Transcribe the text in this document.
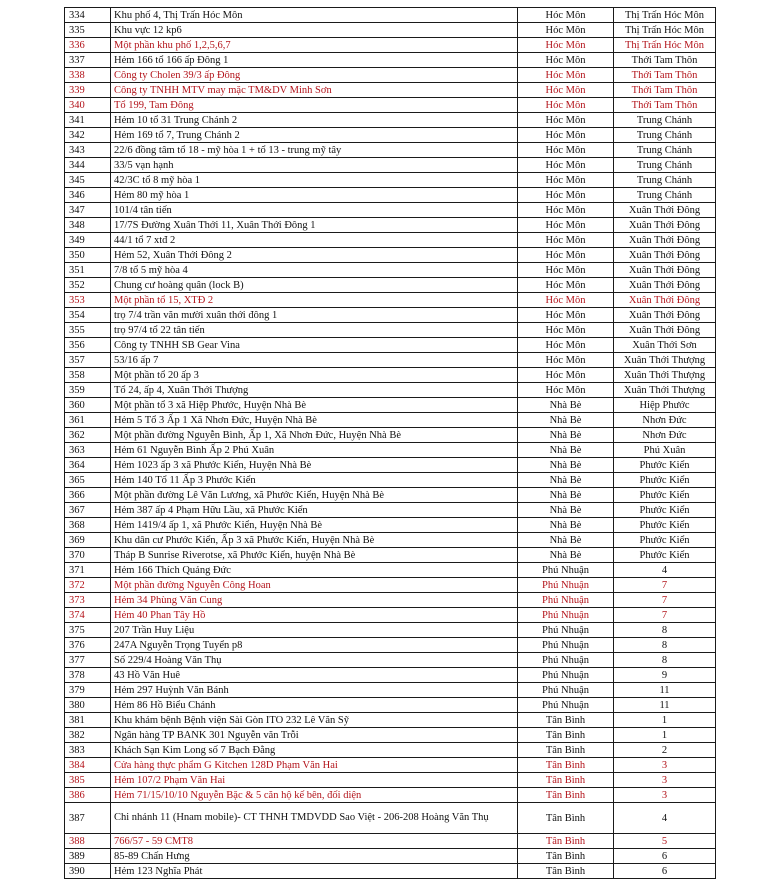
334	Khu phố 4, Thị Trấn Hóc Môn	Hóc Môn	Thị Trấn Hóc Môn
335	Khu vực 12 kp6	Hóc Môn	Thị Trấn Hóc Môn
336	Một phần khu phố 1,2,5,6,7	Hóc Môn	Thị Trấn Hóc Môn
337	Hẻm 166 tổ 166 ấp Đông 1	Hóc Môn	Thới Tam Thôn
338	Công ty Cholen 39/3 ấp Đông	Hóc Môn	Thới Tam Thôn
339	Công ty TNHH MTV may mặc TM&DV Minh Sơn	Hóc Môn	Thới Tam Thôn
340	Tổ 199, Tam Đông	Hóc Môn	Thới Tam Thôn
341	Hẻm 10 tổ 31 Trung Chánh 2	Hóc Môn	Trung Chánh
342	Hẻm 169 tổ 7, Trung Chánh 2	Hóc Môn	Trung Chánh
343	22/6 đồng tâm tổ 18 - mỹ hòa 1 + tổ 13 - trung mỹ tây	Hóc Môn	Trung Chánh
344	33/5 vạn hạnh	Hóc Môn	Trung Chánh
345	42/3C tổ 8 mỹ hòa 1	Hóc Môn	Trung Chánh
346	Hẻm 80 mỹ hòa 1	Hóc Môn	Trung Chánh
347	101/4 tân tiến	Hóc Môn	Xuân Thới Đông
348	17/7S Đường Xuân Thới 11, Xuân Thới Đông 1	Hóc Môn	Xuân Thới Đông
349	44/1 tổ 7 xtđ 2	Hóc Môn	Xuân Thới Đông
350	Hẻm 52, Xuân Thới Đông 2	Hóc Môn	Xuân Thới Đông
351	7/8 tổ 5 mỹ hòa 4	Hóc Môn	Xuân Thới Đông
352	Chung cư hoàng quân (lock B)	Hóc Môn	Xuân Thới Đông
353	Một phần tổ 15, XTĐ 2	Hóc Môn	Xuân Thới Đông
354	trọ 7/4 trần văn mười xuân thới đông 1	Hóc Môn	Xuân Thới Đông
355	trọ 97/4 tổ 22 tân tiến	Hóc Môn	Xuân Thới Đông
356	Công ty TNHH SB Gear Vina	Hóc Môn	Xuân Thới Sơn
357	53/16 ấp 7	Hóc Môn	Xuân Thới Thượng
358	Một phần tổ 20 ấp 3	Hóc Môn	Xuân Thới Thượng
359	Tổ 24, ấp 4, Xuân Thới Thượng	Hóc Môn	Xuân Thới Thượng
360	Một phần tổ 3 xã Hiệp Phước, Huyện Nhà Bè	Nhà Bè	Hiệp Phước
361	Hẻm 5 Tổ 3 Ấp 1 Xã Nhơn Đức, Huyện Nhà Bè	Nhà Bè	Nhơn Đức
362	Một phần đường Nguyễn Bình, Ấp 1, Xã Nhơn Đức, Huyện Nhà Bè	Nhà Bè	Nhơn Đức
363	Hẻm 61 Nguyễn Bình Ấp 2 Phú Xuân	Nhà Bè	Phú Xuân
364	Hẻm 1023 ấp 3 xã Phước Kiển, Huyện Nhà Bè	Nhà Bè	Phước Kiển
365	Hẻm 140 Tổ 11 Ấp 3 Phước Kiển	Nhà Bè	Phước Kiển
366	Một phần đường Lê Văn Lương, xã Phước Kiển, Huyện Nhà Bè	Nhà Bè	Phước Kiển
367	Hẻm 387 ấp 4 Phạm Hữu Lầu, xã Phước Kiển	Nhà Bè	Phước Kiển
368	Hẻm 1419/4 ấp 1, xã Phước Kiển, Huyện Nhà Bè	Nhà Bè	Phước Kiển
369	Khu dân cư Phước Kiển, Ấp 3 xã Phước Kiển, Huyện Nhà Bè	Nhà Bè	Phước Kiển
370	Tháp B Sunrise Riverotse, xã Phước Kiển, huyện Nhà Bè	Nhà Bè	Phước Kiển
371	Hẻm 166 Thích Quảng Đức	Phú Nhuận	4
372	Một phần đường Nguyễn Công Hoan	Phú Nhuận	7
373	Hẻm 34 Phùng Văn Cung	Phú Nhuận	7
374	Hẻm 40 Phan Tây Hồ	Phú Nhuận	7
375	207 Trần Huy Liệu	Phú Nhuận	8
376	247A Nguyễn Trọng Tuyển p8	Phú Nhuận	8
377	Số 229/4 Hoàng Văn Thụ	Phú Nhuận	8
378	43 Hồ Văn Huê	Phú Nhuận	9
379	Hẻm 297 Huỳnh Văn Bánh	Phú Nhuận	11
380	Hẻm 86 Hồ Biểu Chánh	Phú Nhuận	11
381	Khu khám bệnh Bệnh viện Sài Gòn ITO 232 Lê Văn Sỹ	Tân Bình	1
382	Ngân hàng TP BANK 301 Nguyễn văn Trỗi	Tân Bình	1
383	Khách Sạn Kim Long số 7 Bạch Đằng	Tân Bình	2
384	Cửa hàng thực phẩm G Kitchen 128D Phạm Văn Hai	Tân Bình	3
385	Hẻm 107/2 Phạm Văn Hai	Tân Bình	3
386	Hẻm 71/15/10/10 Nguyễn Bặc & 5 căn hộ kế bên, đối diện	Tân Bình	3
387	Chi nhánh 11 (Hnam mobile)- CT THNH TMDVDD Sao Việt - 206-208 Hoàng Văn Thụ	Tân Bình	4
388	766/57 - 59 CMT8	Tân Bình	5
389	85-89 Chấn Hưng	Tân Bình	6
390	Hẻm 123 Nghĩa Phát	Tân Bình	6
